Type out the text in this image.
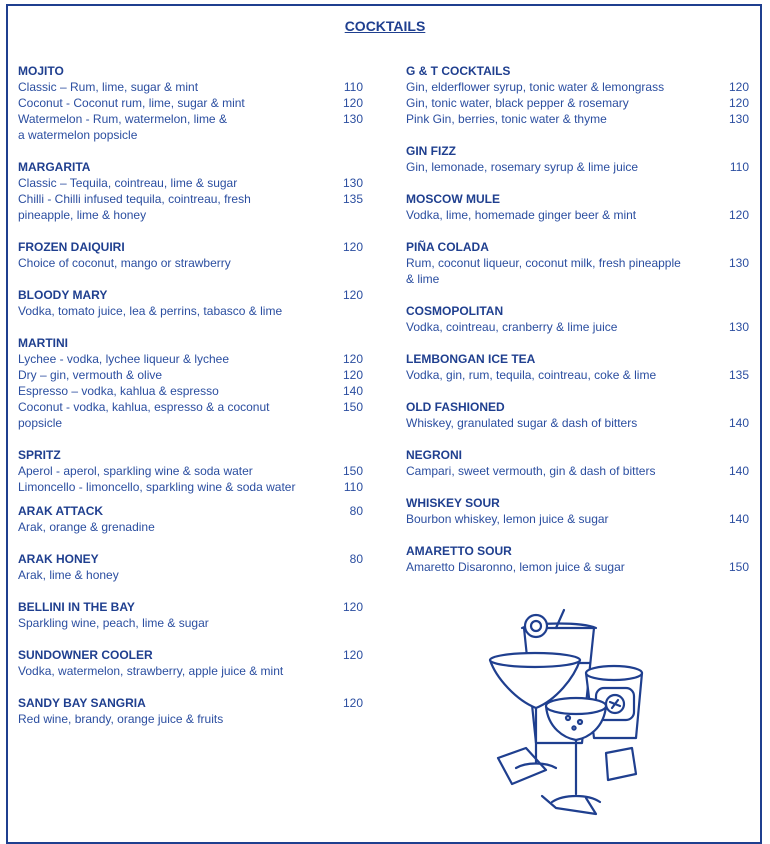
COCKTAILS
MOJITO
Classic – Rum, lime, sugar & mint	110
Coconut - Coconut rum, lime, sugar & mint	120
Watermelon - Rum, watermelon, lime &	130
a watermelon popsicle
MARGARITA
Classic – Tequila, cointreau, lime & sugar	130
Chilli - Chilli infused tequila, cointreau, fresh	135
pineapple, lime & honey
FROZEN DAIQUIRI	120
Choice of coconut, mango or strawberry
BLOODY MARY	120
Vodka, tomato juice, lea & perrins, tabasco & lime
MARTINI
Lychee - vodka, lychee liqueur & lychee	120
Dry – gin, vermouth & olive	120
Espresso – vodka, kahlua & espresso	140
Coconut - vodka, kahlua, espresso & a coconut	150
popsicle
SPRITZ
Aperol - aperol, sparkling wine & soda water	150
Limoncello - limoncello, sparkling wine & soda water	110
ARAK ATTACK	80
Arak, orange & grenadine
ARAK HONEY	80
Arak, lime & honey
BELLINI IN THE BAY	120
Sparkling wine, peach, lime & sugar
SUNDOWNER COOLER	120
Vodka, watermelon, strawberry, apple juice & mint
SANDY BAY SANGRIA	120
Red wine, brandy, orange juice & fruits
G & T COCKTAILS
Gin, elderflower syrup, tonic water & lemongrass	120
Gin, tonic water, black pepper & rosemary	120
Pink Gin, berries, tonic water & thyme	130
GIN FIZZ
Gin, lemonade, rosemary syrup & lime juice	110
MOSCOW MULE
Vodka, lime, homemade ginger beer & mint	120
PIÑA COLADA
Rum, coconut liqueur, coconut milk, fresh pineapple	130
& lime
COSMOPOLITAN
Vodka, cointreau, cranberry & lime juice	130
LEMBONGAN ICE TEA
Vodka, gin, rum, tequila, cointreau, coke & lime	135
OLD FASHIONED
Whiskey, granulated sugar & dash of bitters	140
NEGRONI
Campari, sweet vermouth, gin & dash of bitters	140
WHISKEY SOUR
Bourbon whiskey, lemon juice & sugar	140
AMARETTO SOUR
Amaretto Disaronno, lemon juice & sugar	150
